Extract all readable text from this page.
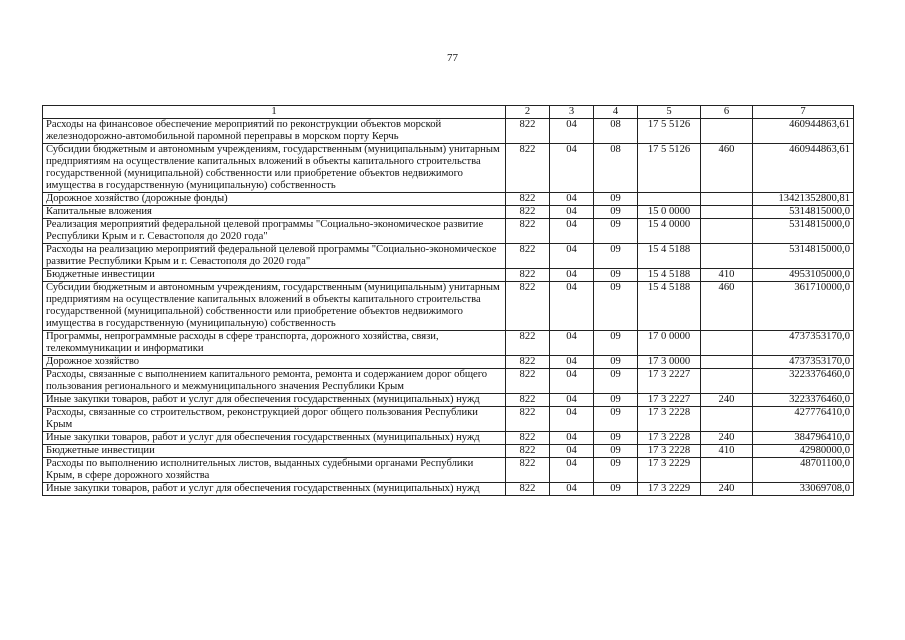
77
1	2	3	4	5	6	7
Расходы на финансовое обеспечение мероприятий по реконструкции объектов морской железнодорожно-автомобильной паромной переправы в морском порту Керчь	822	04	08	17 5 5126		460944863,61
Субсидии бюджетным и автономным учреждениям, государственным (муниципальным) унитарным предприятиям на осуществление капитальных вложений в объекты капитального строительства государственной (муниципальной) собственности или приобретение объектов недвижимого имущества в государственную (муниципальную) собственность	822	04	08	17 5 5126	460	460944863,61
Дорожное хозяйство (дорожные фонды)	822	04	09			13421352800,81
Капитальные вложения	822	04	09	15 0 0000		5314815000,0
Реализация мероприятий федеральной целевой программы "Социально-экономическое развитие Республики Крым и г. Севастополя до 2020 года"	822	04	09	15 4 0000		5314815000,0
Расходы на реализацию мероприятий федеральной целевой программы "Социально-экономическое развитие Республики Крым и г. Севастополя до 2020 года"	822	04	09	15 4 5188		5314815000,0
Бюджетные инвестиции	822	04	09	15 4 5188	410	4953105000,0
Субсидии бюджетным и автономным учреждениям, государственным (муниципальным) унитарным предприятиям на осуществление капитальных вложений в объекты капитального строительства государственной (муниципальной) собственности или приобретение объектов недвижимого имущества в государственную (муниципальную) собственность	822	04	09	15 4 5188	460	361710000,0
Программы, непрограммные расходы в сфере транспорта, дорожного хозяйства, связи, телекоммуникации и информатики	822	04	09	17 0 0000		4737353170,0
Дорожное хозяйство	822	04	09	17 3 0000		4737353170,0
Расходы, связанные с выполнением капитального ремонта, ремонта и содержанием дорог общего пользования регионального и межмуниципального значения Республики Крым	822	04	09	17 3 2227		3223376460,0
Иные закупки товаров, работ и услуг для обеспечения государственных (муниципальных) нужд	822	04	09	17 3 2227	240	3223376460,0
Расходы, связанные со строительством, реконструкцией дорог общего пользования Республики Крым	822	04	09	17 3 2228		427776410,0
Иные закупки товаров, работ и услуг для обеспечения государственных (муниципальных) нужд	822	04	09	17 3 2228	240	384796410,0
Бюджетные инвестиции	822	04	09	17 3 2228	410	42980000,0
Расходы по выполнению исполнительных листов, выданных судебными органами Республики Крым, в сфере дорожного хозяйства	822	04	09	17 3 2229		48701100,0
Иные закупки товаров, работ и услуг для обеспечения государственных (муниципальных) нужд	822	04	09	17 3 2229	240	33069708,0
